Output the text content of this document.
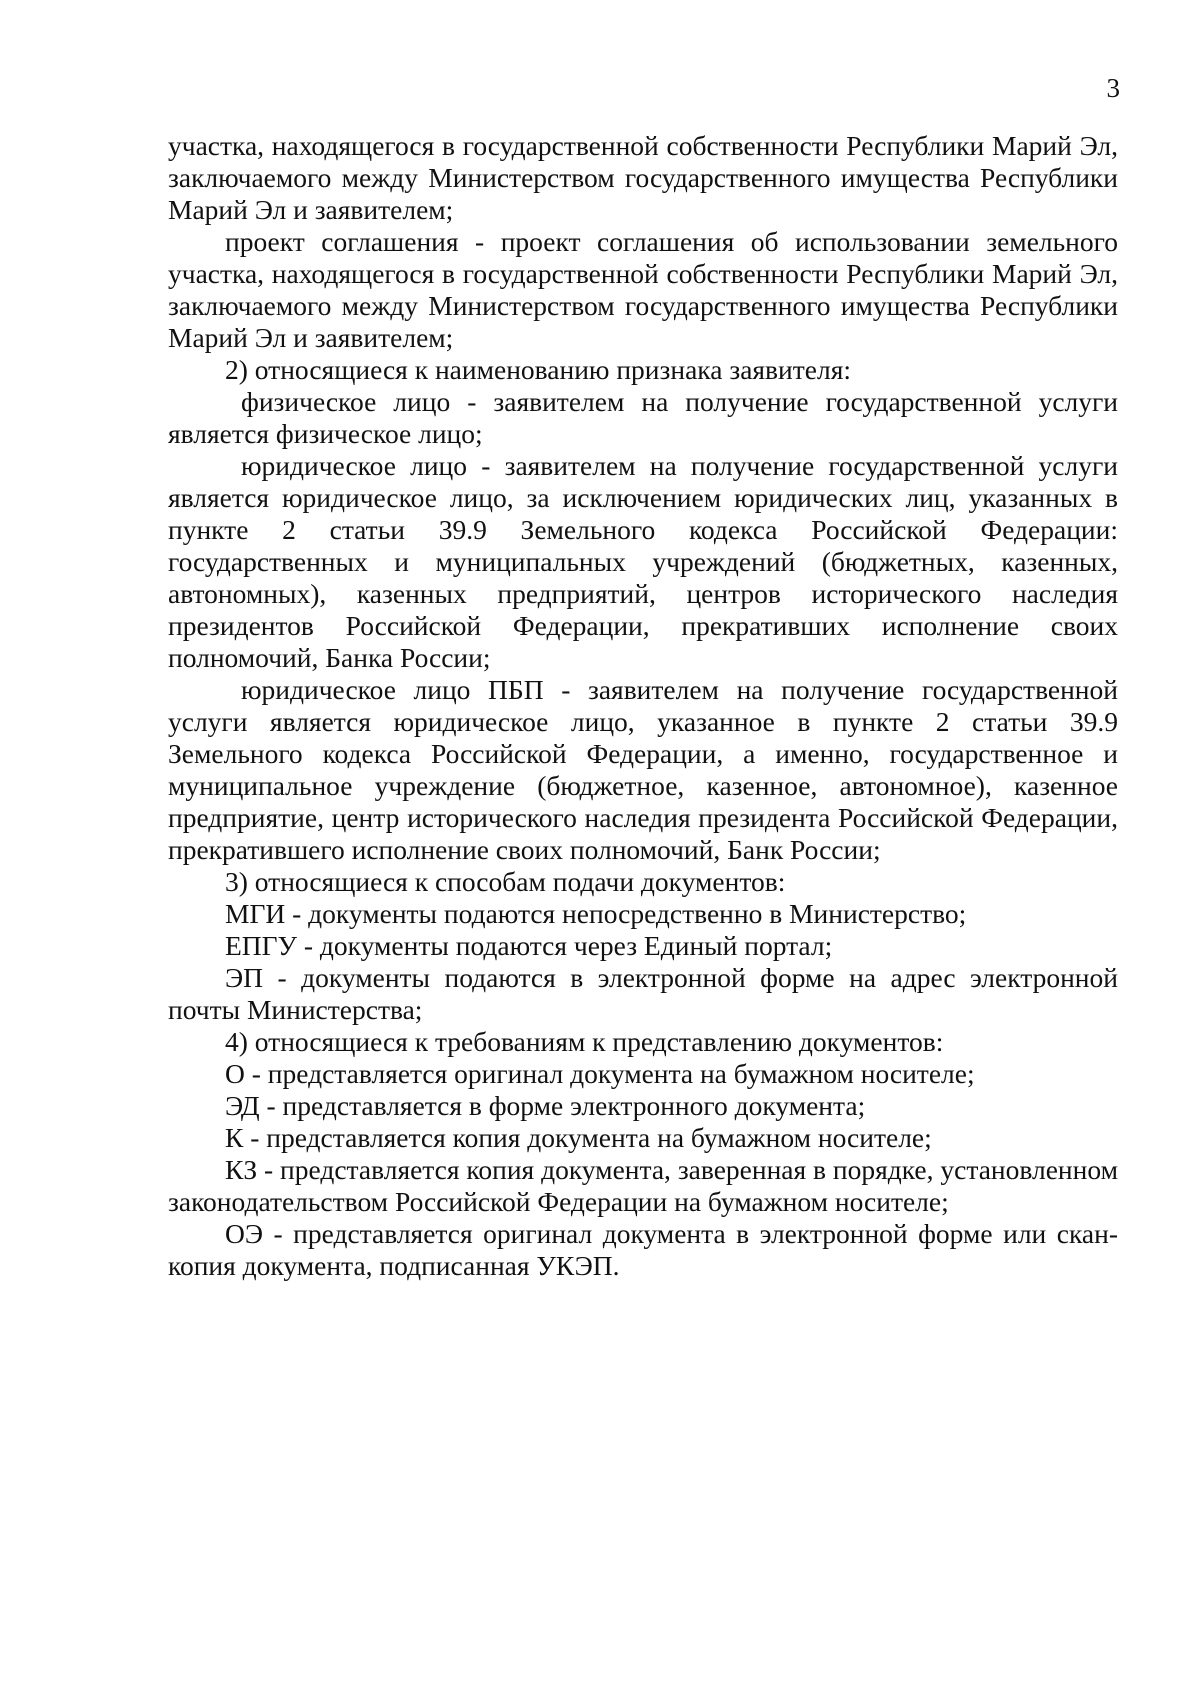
3

участка, находящегося в государственной собственности Республики Марий Эл, заключаемого между Министерством государственного имущества Республики Марий Эл и заявителем;

проект соглашения - проект соглашения об использовании земельного участка, находящегося в государственной собственности Республики Марий Эл, заключаемого между Министерством государственного имущества Республики Марий Эл и заявителем;

2) относящиеся к наименованию признака заявителя:

физическое лицо - заявителем на получение государственной услуги является физическое лицо;

юридическое лицо - заявителем на получение государственной услуги является юридическое лицо, за исключением юридических лиц, указанных в пункте 2 статьи 39.9 Земельного кодекса Российской Федерации: государственных и муниципальных учреждений (бюджетных, казенных, автономных), казенных предприятий, центров исторического наследия президентов Российской Федерации, прекративших исполнение своих полномочий, Банка России;

юридическое лицо ПБП - заявителем на получение государственной услуги является юридическое лицо, указанное в пункте 2 статьи 39.9 Земельного кодекса Российской Федерации, а именно, государственное и муниципальное учреждение (бюджетное, казенное, автономное), казенное предприятие, центр исторического наследия президента Российской Федерации, прекратившего исполнение своих полномочий, Банк России;

3) относящиеся к способам подачи документов:

МГИ - документы подаются непосредственно в Министерство;

ЕПГУ - документы подаются через Единый портал;

ЭП - документы подаются в электронной форме на адрес электронной почты Министерства;

4) относящиеся к требованиям к представлению документов:

О - представляется оригинал документа на бумажном носителе;

ЭД - представляется в форме электронного документа;

К - представляется копия документа на бумажном носителе;

КЗ - представляется копия документа, заверенная в порядке, установленном законодательством Российской Федерации на бумажном носителе;

ОЭ - представляется оригинал документа в электронной форме или скан-копия документа, подписанная УКЭП.
